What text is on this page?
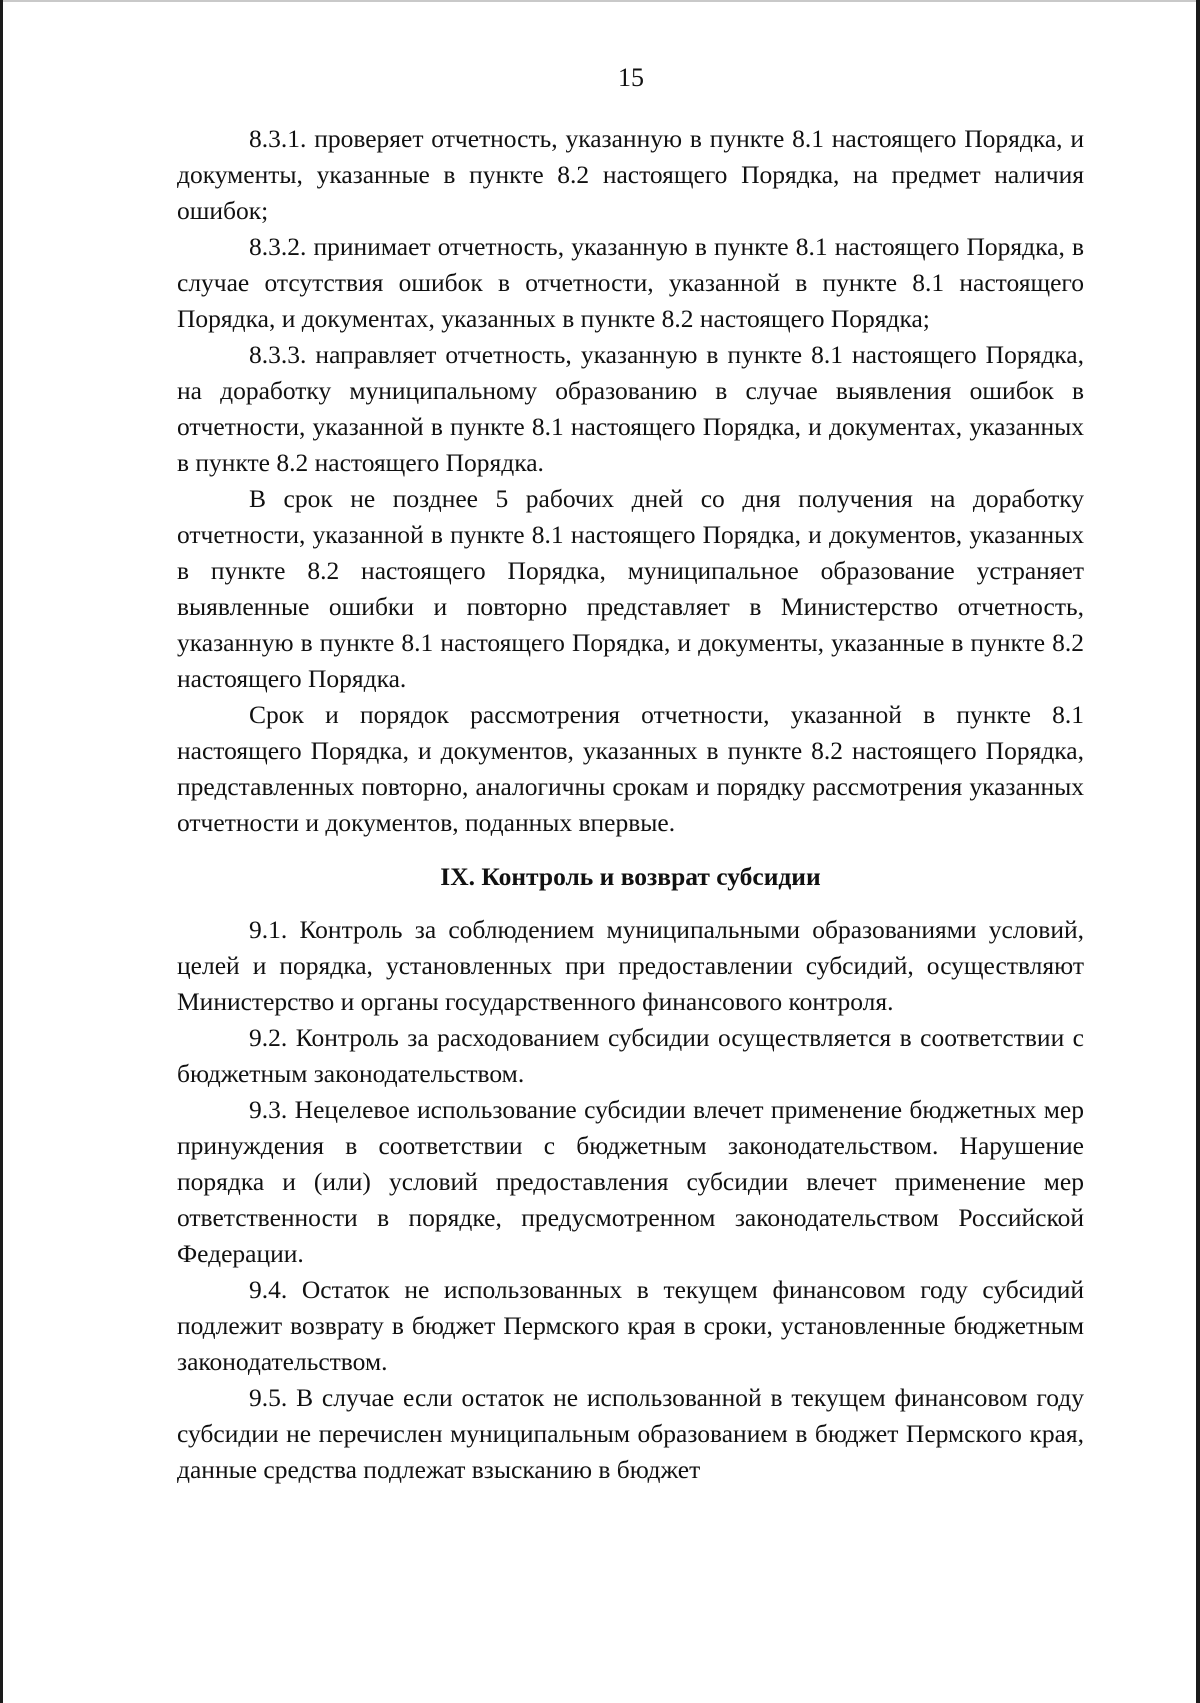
15

8.3.1. проверяет отчетность, указанную в пункте 8.1 настоящего Порядка, и документы, указанные в пункте 8.2 настоящего Порядка, на предмет наличия ошибок;

8.3.2. принимает отчетность, указанную в пункте 8.1 настоящего Порядка, в случае отсутствия ошибок в отчетности, указанной в пункте 8.1 настоящего Порядка, и документах, указанных в пункте 8.2 настоящего Порядка;

8.3.3. направляет отчетность, указанную в пункте 8.1 настоящего Порядка, на доработку муниципальному образованию в случае выявления ошибок в отчетности, указанной в пункте 8.1 настоящего Порядка, и документах, указанных в пункте 8.2 настоящего Порядка.

В срок не позднее 5 рабочих дней со дня получения на доработку отчетности, указанной в пункте 8.1 настоящего Порядка, и документов, указанных в пункте 8.2 настоящего Порядка, муниципальное образование устраняет выявленные ошибки и повторно представляет в Министерство отчетность, указанную в пункте 8.1 настоящего Порядка, и документы, указанные в пункте 8.2 настоящего Порядка.

Срок и порядок рассмотрения отчетности, указанной в пункте 8.1 настоящего Порядка, и документов, указанных в пункте 8.2 настоящего Порядка, представленных повторно, аналогичны срокам и порядку рассмотрения указанных отчетности и документов, поданных впервые.

IX. Контроль и возврат субсидии

9.1. Контроль за соблюдением муниципальными образованиями условий, целей и порядка, установленных при предоставлении субсидий, осуществляют Министерство и органы государственного финансового контроля.

9.2. Контроль за расходованием субсидии осуществляется в соответствии с бюджетным законодательством.

9.3. Нецелевое использование субсидии влечет применение бюджетных мер принуждения в соответствии с бюджетным законодательством. Нарушение порядка и (или) условий предоставления субсидии влечет применение мер ответственности в порядке, предусмотренном законодательством Российской Федерации.

9.4. Остаток не использованных в текущем финансовом году субсидий подлежит возврату в бюджет Пермского края в сроки, установленные бюджетным законодательством.

9.5. В случае если остаток не использованной в текущем финансовом году субсидии не перечислен муниципальным образованием в бюджет Пермского края, данные средства подлежат взысканию в бюджет
